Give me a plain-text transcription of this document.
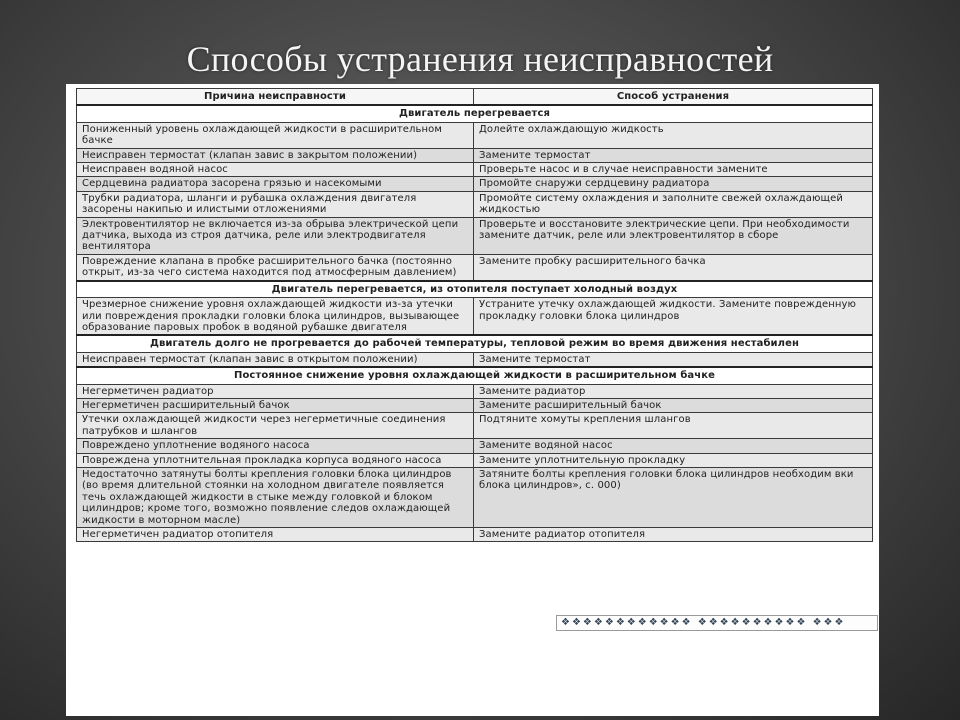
Способы устранения неисправностей
Причина неисправности	Способ устранения
Двигатель перегревается	
Пониженный уровень охлаждающей жидкости в расширительном бачке	Долейте охлаждающую жидкость
Неисправен термостат (клапан завис в закрытом положении)	Замените термостат
Неисправен водяной насос	Проверьте насос и в случае неисправности замените
Сердцевина радиатора засорена грязью и насекомыми	Промойте снаружи сердцевину радиатора
Трубки радиатора, шланги и рубашка охлаждения двигателя засорены накипью и илистыми отложениями	Промойте систему охлаждения и заполните свежей охлаждающей жидкостью
Электровентилятор не включается из-за обрыва электрической цепи датчика, выхода из строя датчика, реле или электродвигателя вентилятора	Проверьте и восстановите электрические цепи. При необходимости замените датчик, реле или электровентилятор в сборе
Повреждение клапана в пробке расширительного бачка (постоянно открыт, из-за чего система находится под атмосферным давлением)	Замените пробку расширительного бачка
Двигатель перегревается, из отопителя поступает холодный воздух	
Чрезмерное снижение уровня охлаждающей жидкости из-за утечки или повреждения прокладки головки блока цилиндров, вызывающее образование паровых пробок в водяной рубашке двигателя	Устраните утечку охлаждающей жидкости. Замените поврежденную прокладку головки блока цилиндров
Двигатель долго не прогревается до рабочей температуры, тепловой режим во время движения нестабилен	
Неисправен термостат (клапан завис в открытом положении)	Замените термостат
Постоянное снижение уровня охлаждающей жидкости в расширительном бачке	
Негерметичен радиатор	Замените радиатор
Негерметичен расширительный бачок	Замените расширительный бачок
Утечки охлаждающей жидкости через негерметичные соединения патрубков и шлангов	Подтяните хомуты крепления шлангов
Повреждено уплотнение водяного насоса	Замените водяной насос
Повреждена уплотнительная прокладка корпуса водяного насоса	Замените уплотнительную прокладку
Недостаточно затянуты болты крепления головки блока цилиндров (во время длительной стоянки на холодном двигателе появляется течь охлаждающей жидкости в стыке между головкой и блоком цилиндров; кроме того, возможно появление следов охлаждающей жидкости в моторном масле)	Затяните болты крепления головки блока цилиндров необходим вки блока цилиндров», с. 000)
Негерметичен радиатор отопителя	Замените радиатор отопителя
❖❖❖❖❖❖❖❖❖❖❖❖ ❖❖❖❖❖❖❖❖❖❖ ❖❖❖
